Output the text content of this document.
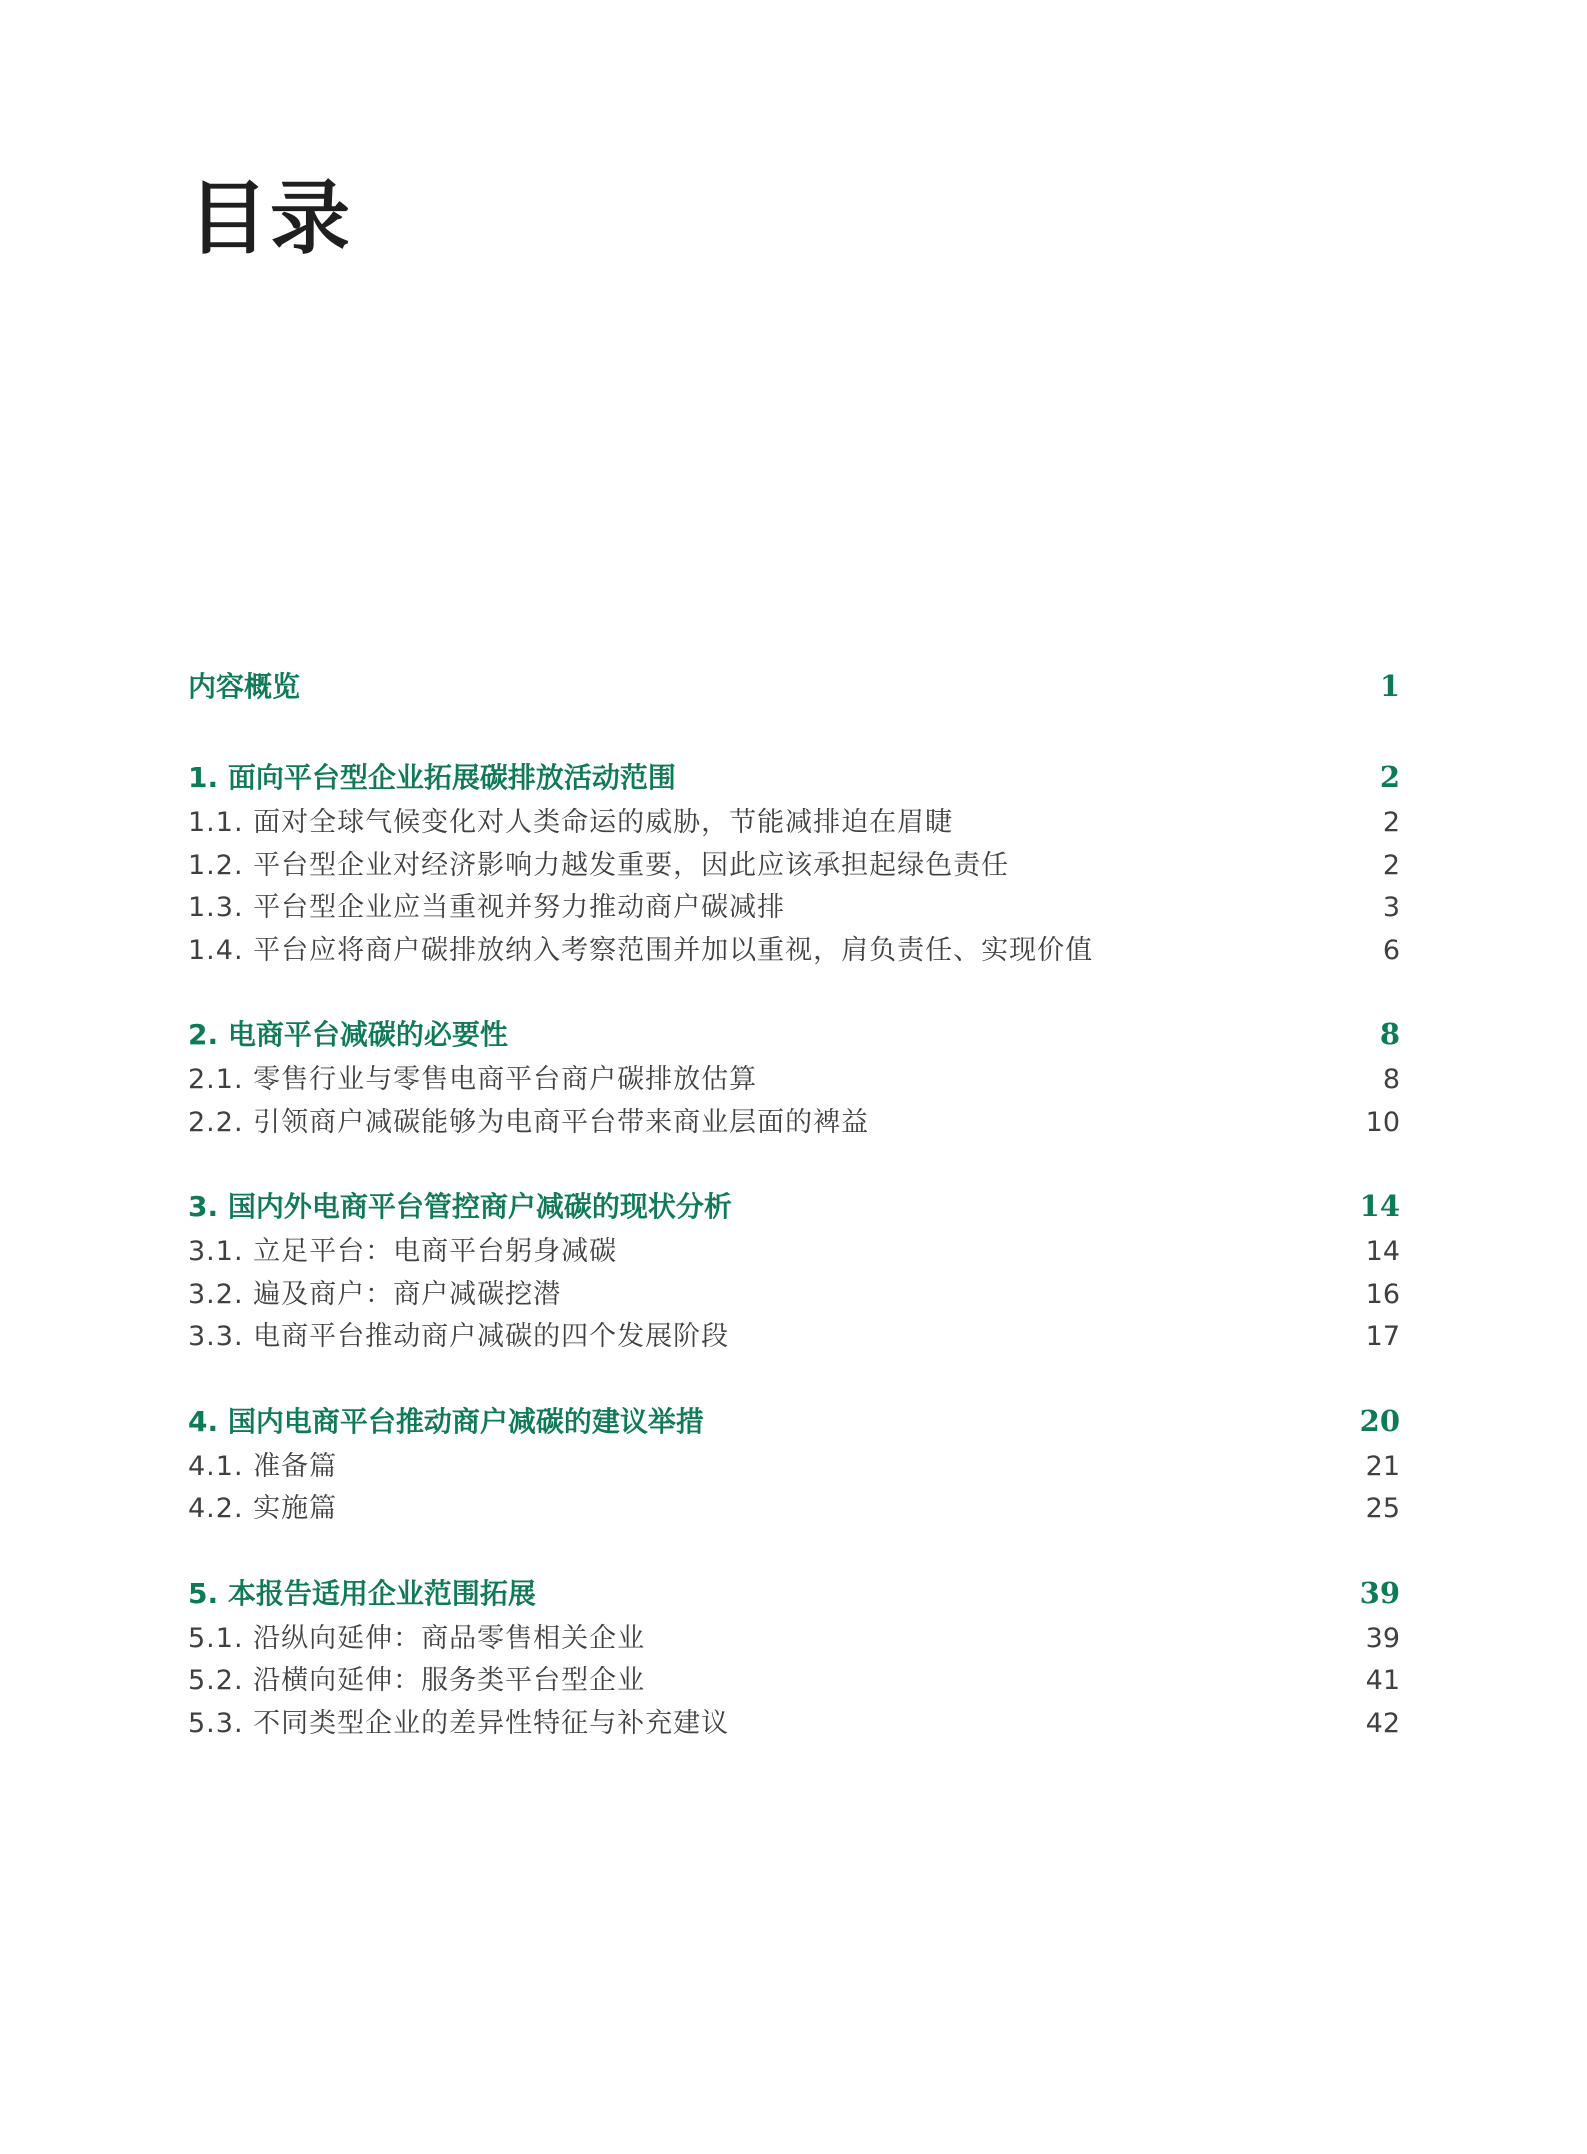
目录
内容概览	1
1. 面向平台型企业拓展碳排放活动范围	2
1.1. 面对全球气候变化对人类命运的威胁，节能减排迫在眉睫	2
1.2. 平台型企业对经济影响力越发重要，因此应该承担起绿色责任	2
1.3. 平台型企业应当重视并努力推动商户碳减排	3
1.4. 平台应将商户碳排放纳入考察范围并加以重视，肩负责任、实现价值	6
2. 电商平台减碳的必要性	8
2.1. 零售行业与零售电商平台商户碳排放估算	8
2.2. 引领商户减碳能够为电商平台带来商业层面的裨益	10
3. 国内外电商平台管控商户减碳的现状分析	14
3.1. 立足平台：电商平台躬身减碳	14
3.2. 遍及商户：商户减碳挖潜	16
3.3. 电商平台推动商户减碳的四个发展阶段	17
4. 国内电商平台推动商户减碳的建议举措	20
4.1. 准备篇	21
4.2. 实施篇	25
5. 本报告适用企业范围拓展	39
5.1. 沿纵向延伸：商品零售相关企业	39
5.2. 沿横向延伸：服务类平台型企业	41
5.3. 不同类型企业的差异性特征与补充建议	42
